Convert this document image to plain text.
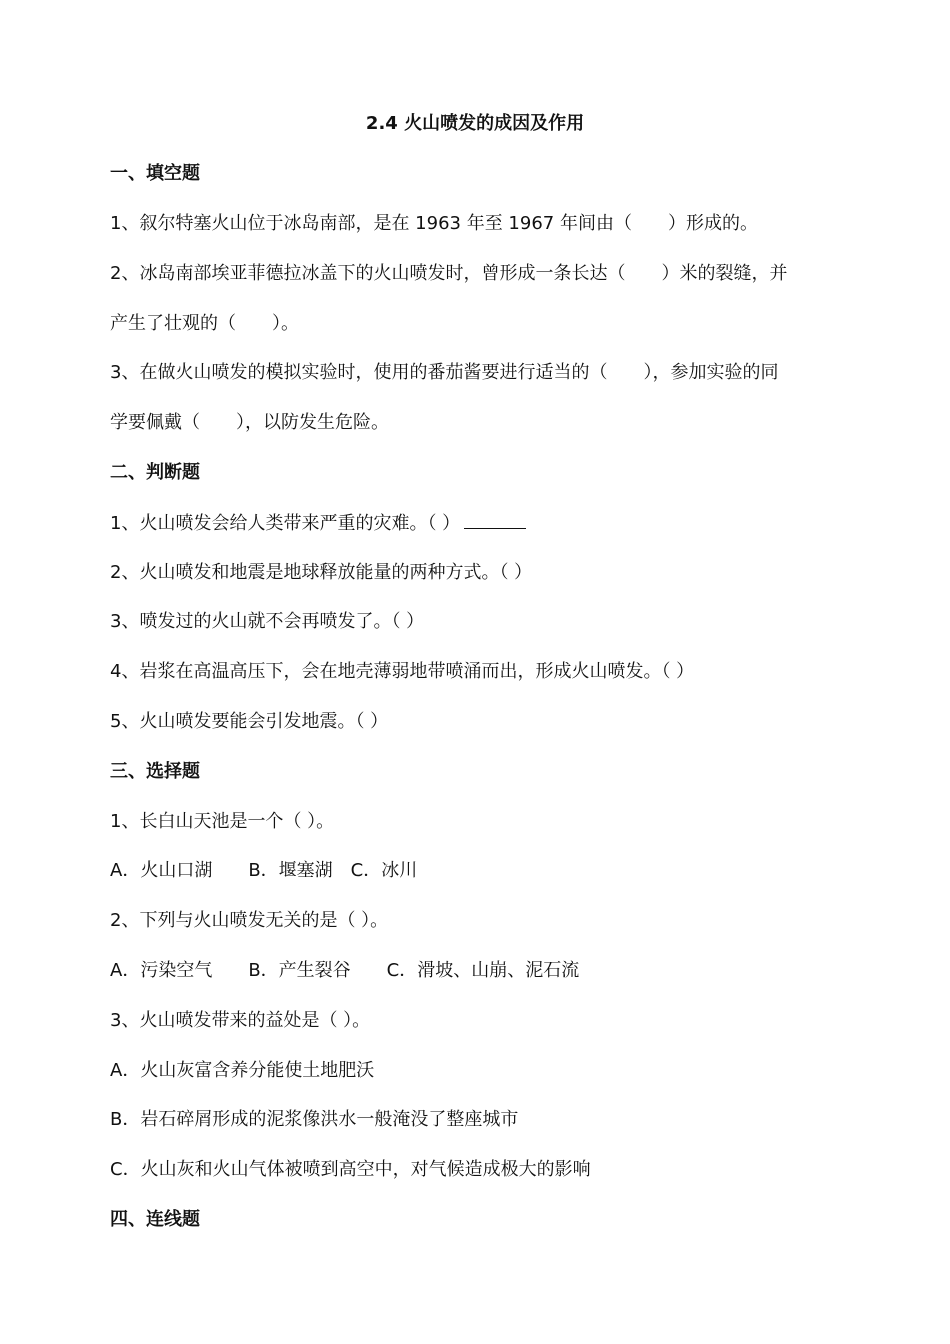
2.4 火山喷发的成因及作用
一、填空题
1、叙尔特塞火山位于冰岛南部，是在 1963 年至 1967 年间由（　　）形成的。
2、冰岛南部埃亚菲德拉冰盖下的火山喷发时，曾形成一条长达（　　）米的裂缝，并
产生了壮观的（　　）。
3、在做火山喷发的模拟实验时，使用的番茄酱要进行适当的（　　），参加实验的同
学要佩戴（　　），以防发生危险。
二、判断题
1、火山喷发会给人类带来严重的灾难。（ ）
2、火山喷发和地震是地球释放能量的两种方式。（ ）
3、喷发过的火山就不会再喷发了。（ ）
4、岩浆在高温高压下，会在地壳薄弱地带喷涌而出，形成火山喷发。（ ）
5、火山喷发要能会引发地震。（ ）
三、选择题
1、长白山天池是一个（ ）。
A．火山口湖　　B．堰塞湖　C．冰川
2、下列与火山喷发无关的是（ ）。
A．污染空气　　B．产生裂谷　　C．滑坡、山崩、泥石流
3、火山喷发带来的益处是（ ）。
A．火山灰富含养分能使土地肥沃
B．岩石碎屑形成的泥浆像洪水一般淹没了整座城市
C．火山灰和火山气体被喷到高空中，对气候造成极大的影响
四、连线题
